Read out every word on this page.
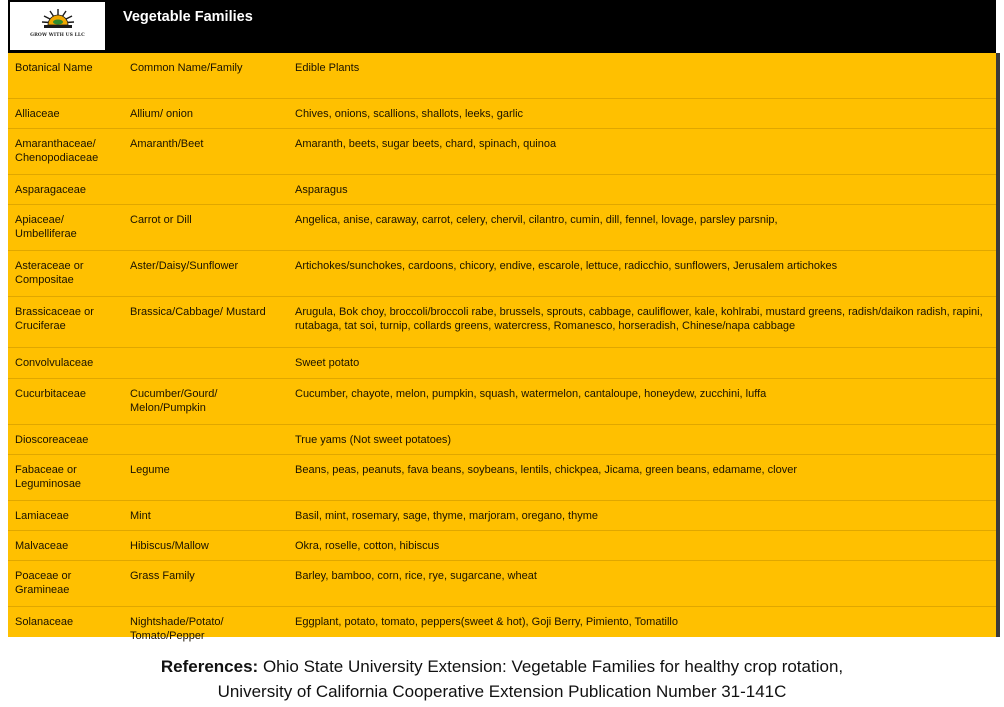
GROW WITH US LLC
Vegetable Families
Botanical Name	Common Name/Family	Edible Plants
Alliaceae	Allium/ onion	Chives, onions, scallions, shallots, leeks, garlic
Amaranthaceae/ Chenopodiaceae	Amaranth/Beet	Amaranth, beets, sugar beets, chard, spinach, quinoa
Asparagaceae		Asparagus
Apiaceae/ Umbelliferae	Carrot or Dill	Angelica, anise, caraway, carrot, celery, chervil, cilantro, cumin, dill, fennel, lovage, parsley parsnip,
Asteraceae or Compositae	Aster/Daisy/Sunflower	Artichokes/sunchokes, cardoons, chicory, endive, escarole, lettuce, radicchio, sunflowers, Jerusalem artichokes
Brassicaceae or Cruciferae	Brassica/Cabbage/ Mustard	Arugula, Bok choy, broccoli/broccoli rabe, brussels, sprouts, cabbage, cauliflower, kale, kohlrabi, mustard greens, radish/daikon radish, rapini, rutabaga, tat soi, turnip, collards greens, watercress, Romanesco, horseradish, Chinese/napa cabbage
Convolvulaceae		Sweet potato
Cucurbitaceae	Cucumber/Gourd/ Melon/Pumpkin	Cucumber, chayote, melon, pumpkin, squash, watermelon, cantaloupe, honeydew, zucchini, luffa
Dioscoreaceae		True yams (Not sweet potatoes)
Fabaceae or Leguminosae	Legume	Beans, peas, peanuts, fava beans, soybeans, lentils, chickpea, Jicama, green beans, edamame, clover
Lamiaceae	Mint	Basil, mint, rosemary, sage, thyme, marjoram, oregano, thyme
Malvaceae	Hibiscus/Mallow	Okra, roselle, cotton, hibiscus
Poaceae or Gramineae	Grass Family	Barley, bamboo, corn, rice, rye, sugarcane, wheat
Solanaceae	Nightshade/Potato/ Tomato/Pepper	Eggplant, potato, tomato, peppers(sweet & hot), Goji Berry, Pimiento, Tomatillo
References: Ohio State University Extension: Vegetable Families for healthy crop rotation,
University of California Cooperative Extension Publication Number 31-141C
